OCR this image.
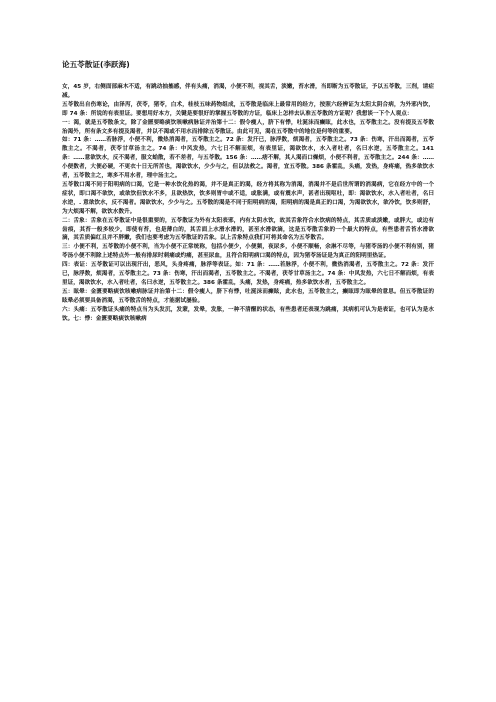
论五苓散证(李跃海)

女，45 岁，右侧面部麻木不适，有跳动抽搐感，伴有头痛，消渴，小便不利，视其舌，淡嫩，苔水滑，当即断为五苓散证，予以五苓散，三剂，请症减。

五苓散出自伤寒论，由泽泻，茯苓，猪苓，白术，桂枝五味药物组成，五苓散是临床上最常用的经方，按照六经辨证为太阳太阴合病，为外邪内饮，即 74 条：所说的有表里证。要想用好本方，关键是要很好的掌握五苓散的方证，临床上怎样去认准五苓散的方证呢？我想谈一下个人观点：

一：渴，就是五苓散条文，除了金匮要略痰饮咳嗽病脉证并治第十二：假令瘦人，脐下有悸，吐涎沫而癫眩，此水也，五苓散主之。没有提及五苓散治渴外，所有条文多有提及渴者，并以不渴或不用水而排除五苓散证。由此可见，渴在五苓散中的地位是何等的重要。

如：71 条：……若脉浮，小便不利，微热消渴者，五苓散主之。72 条：发汗已，脉浮数，烦渴者，五苓散主之。73 条：伤寒，汗出而渴者，五苓散主之。不渴者，茯苓甘草汤主之。74 条：中风发热，六七日不解而烦，有表里证，渴欲饮水，水入者吐者，名曰水逆，五苓散主之。141 条：……意欲饮水，反不渴者，服文蛤散，若不差者，与五苓散。156 条：……痞不解，其人渴而口燥烦，小便不利者，五苓散主之。244 条：……小便数者，大便必硬，不更衣十日无所苦也，渴欲饮水，少少与之，但以法救之。渴者，宜五苓散。386 条霍乱，头痛，发热，身疼痛，热多欲饮水者，五苓散主之，寒多不用水者，理中汤主之。

五苓散口渴不同于阳明病的口渴，它是一种水饮化热的渴，并不是真正的渴，经方将其称为消渴，消渴并不是后世所谓的消渴病，它在经方中的一个症状，即口渴不欲饮，或欲饮但饮水不多，且欲热饮，饮多则胃中或不适，或胀满，或有震水声，甚者出现呕吐，即：渴欲饮水，水入者吐者，名曰水逆，. 意欲饮水，反不渴者。渴欲饮水，少少与之。五苓散的渴是不同于阳明病的渴，阳明病的渴是真正的口渴，为渴欲饮水，欲冷饮，饮多则舒，为大烦渴不解，欲饮水数升。

二：舌象：舌象在五苓散证中是很重要的，五苓散证为外有太阳表邪，内有太阴水饮，故其舌象符合水饮病的特点，其舌质或淡嫩，或胖大，或边有齿痕，其苔一般多较少，即使有苔，也是薄白的，其舌面上水滑水滑的，甚至水滑欲滴，这是五苓散舌象的一个最大的特点，有些患者舌苔水滑欲滴，其舌质偏红且并不胖嫩，我们也要考虑为五苓散证的舌象。以上舌象特点我们可将其命名为五苓散舌。

三：小便不利，五苓散的小便不利，当为小便不正常统称，包括小便少，小便频，夜尿多，小便不顺畅，余淋不尽等，与猪苓汤的小便不利有别，猪苓汤小便不利除上述特点外一般有排尿时刺痛或灼痛，甚至尿血，且符合阳明病口渴的特点，因为猪苓汤证是为真正的阳明里热证。

四：表证：五苓散证可以出现汗出，恶风，头身疼痛，脉浮等表证。如：71 条：……若脉浮，小便不利，微热消渴者，五苓散主之。72 条：发汗已，脉浮数，烦渴者，五苓散主之。73 条：伤寒，汗出而渴者，五苓散主之。不渴者，茯苓甘草汤主之。74 条：中风发热，六七日不解而烦，有表里证，渴欲饮水，水入者吐者，名曰水逆，五苓散主之。386 条霍乱，头痛，发热，身疼痛，热多欲饮水者，五苓散主之。

五：眩晕：金匮要略痰饮咳嗽病脉证并治第十二：假令瘦人，脐下有悸，吐涎沫而癫眩，此水也，五苓散主之，癫眩即为眩晕的意思。但五苓散证的眩晕必须要具备消渴，五苓散舌的特点，才能据试屡验。

六：头痛：五苓散证头痛的特点当为头发沉，发蒙，发晕，发胀，一种不清醒的状态，有些患者还表现为跳痛，其病机可认为是表证，也可认为是水饮。七：悸：金匮要略痰饮咳嗽病
